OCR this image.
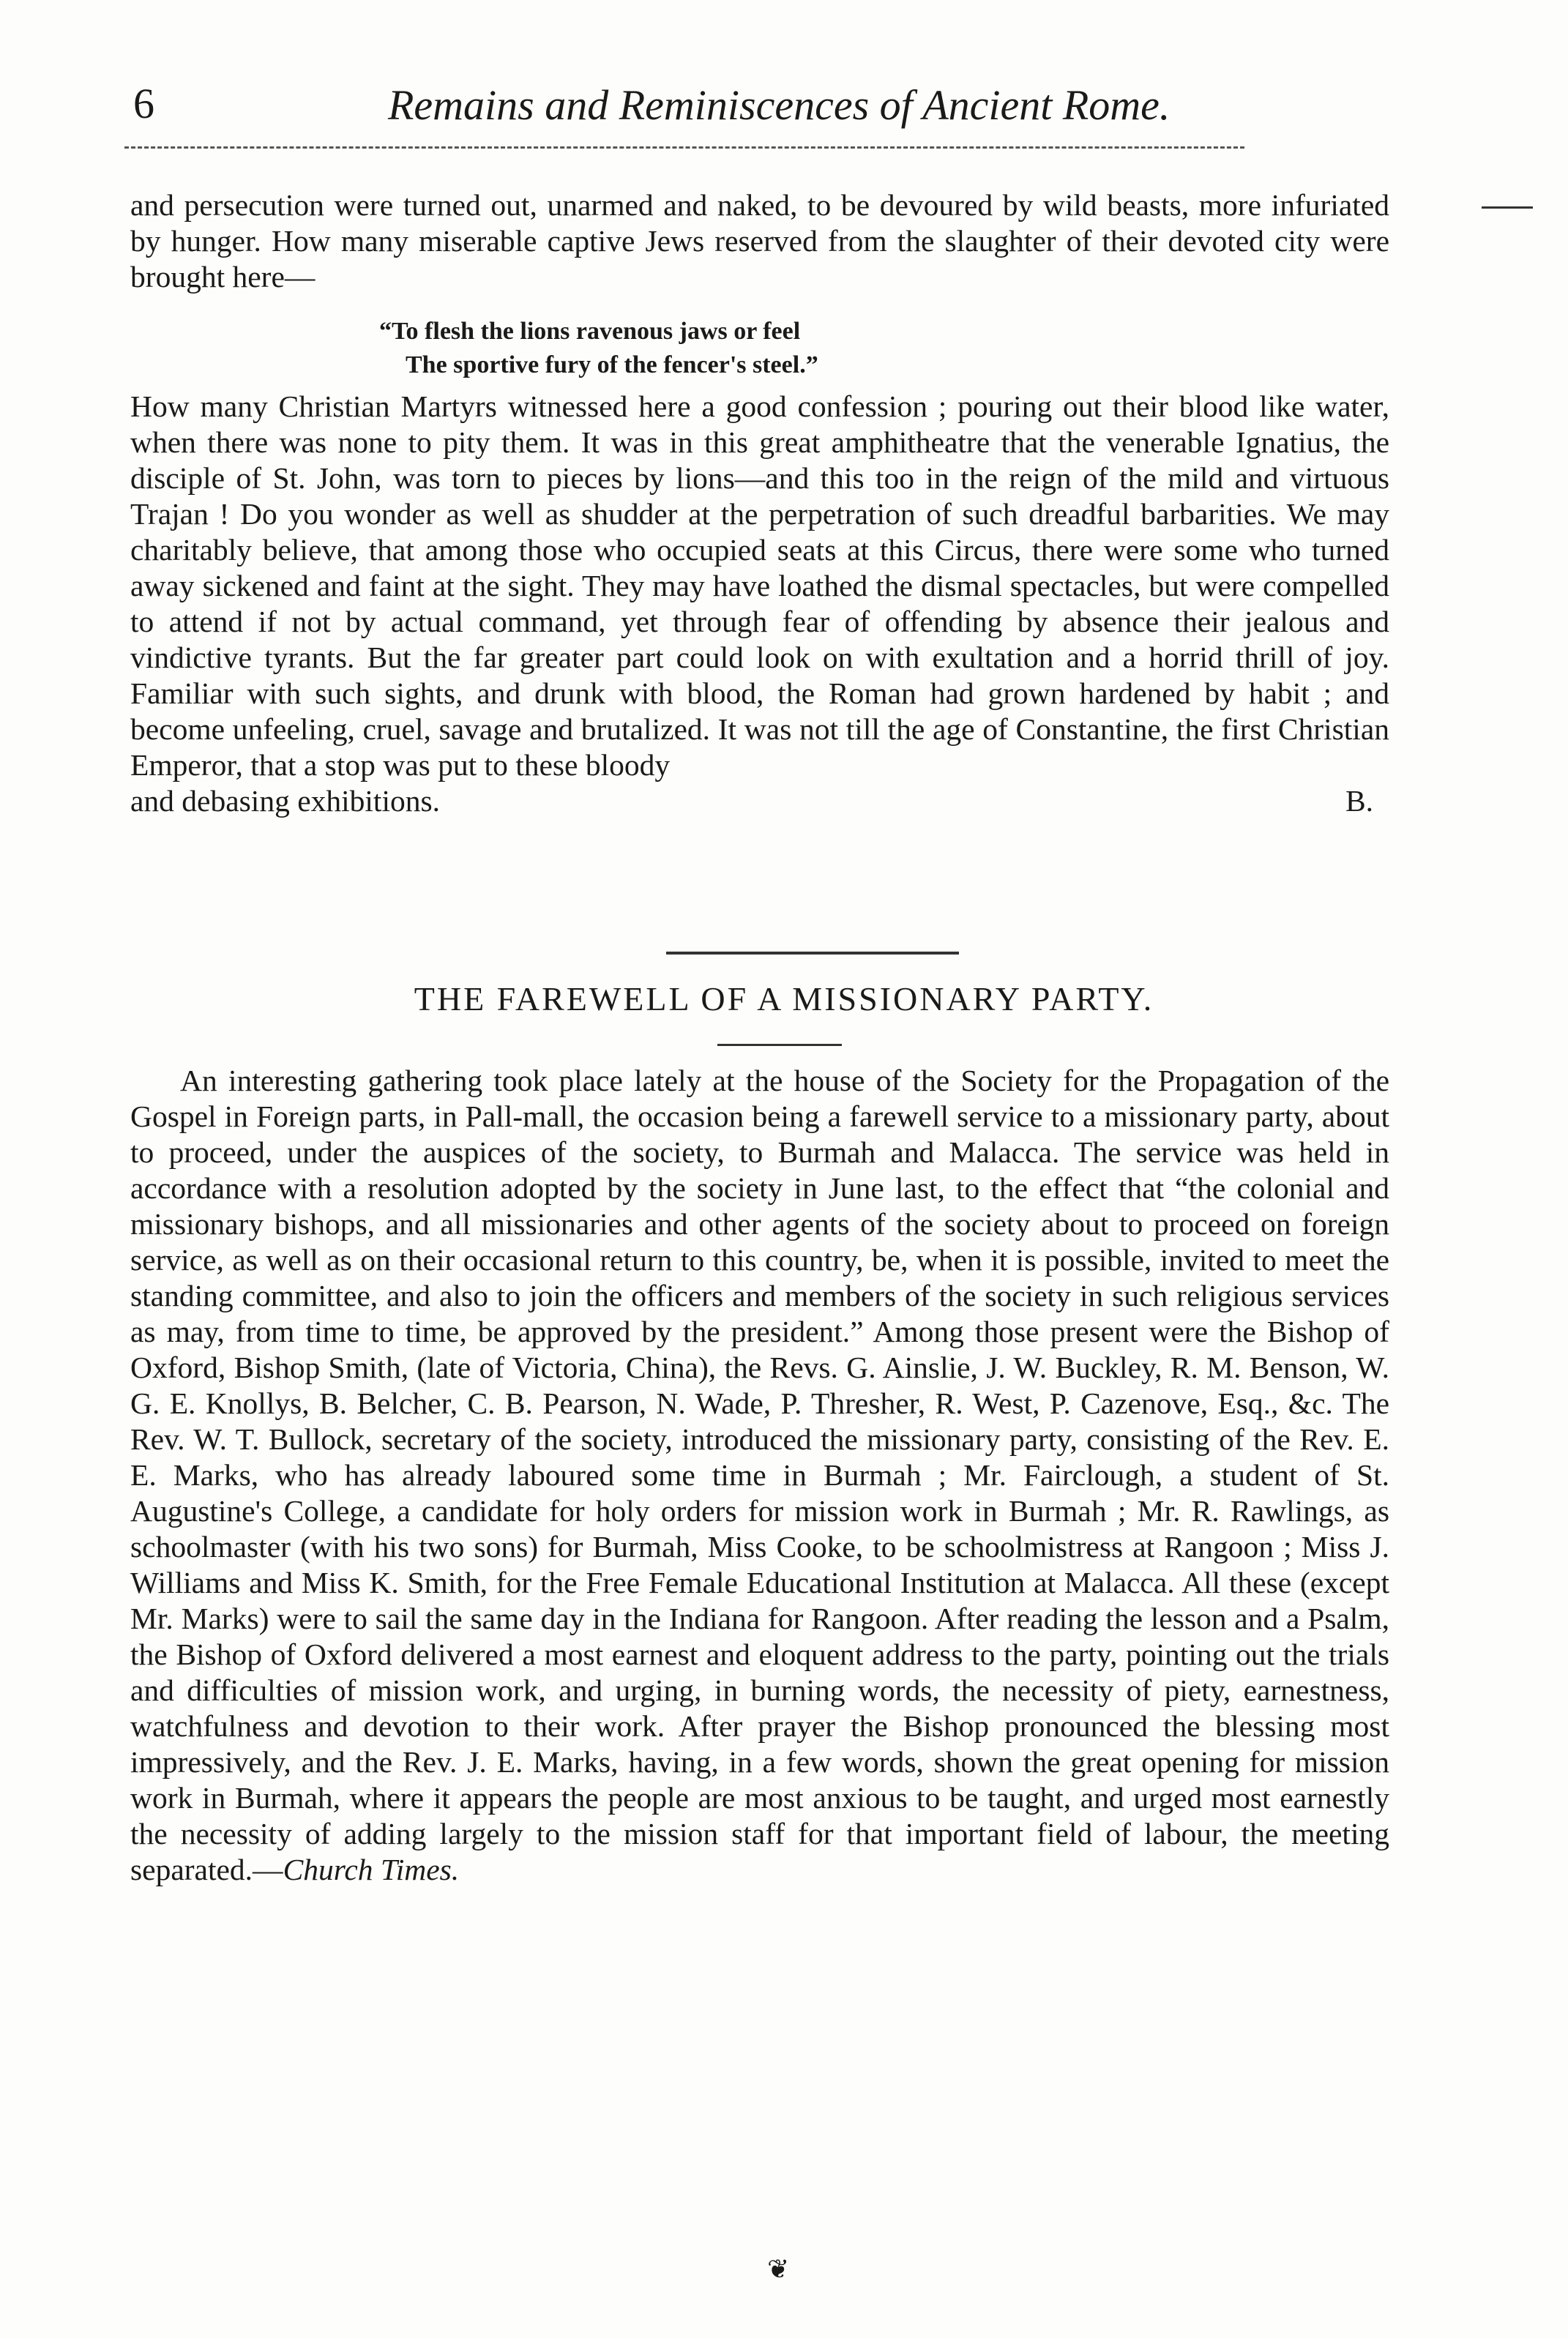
6	Remains and Reminiscences of Ancient Rome.

and persecution were turned out, unarmed and naked, to be devoured by wild beasts, more infuriated by hunger. How many miserable captive Jews reserved from the slaughter of their devoted city were brought here—

“To flesh the lions ravenous jaws or feel
The sportive fury of the fencer's steel.”

How many Christian Martyrs witnessed here a good confession ; pouring out their blood like water, when there was none to pity them. It was in this great amphitheatre that the venerable Ignatius, the disciple of St. John, was torn to pieces by lions—and this too in the reign of the mild and virtuous Trajan ! Do you wonder as well as shudder at the perpetration of such dreadful barbarities. We may charitably believe, that among those who occupied seats at this Circus, there were some who turned away sickened and faint at the sight. They may have loathed the dismal spectacles, but were compelled to attend if not by actual command, yet through fear of offending by absence their jealous and vindictive tyrants. But the far greater part could look on with exultation and a horrid thrill of joy. Familiar with such sights, and drunk with blood, the Roman had grown hardened by habit ; and become unfeeling, cruel, savage and brutalized. It was not till the age of Constantine, the first Christian Emperor, that a stop was put to these bloody

and debasing exhibitions.	B.
THE FAREWELL OF A MISSIONARY PARTY.

An interesting gathering took place lately at the house of the Society for the Propagation of the Gospel in Foreign parts, in Pall-mall, the occasion being a farewell service to a missionary party, about to proceed, under the auspices of the society, to Burmah and Malacca. The service was held in accordance with a resolution adopted by the society in June last, to the effect that “the colonial and missionary bishops, and all missionaries and other agents of the society about to proceed on foreign service, as well as on their occasional return to this country, be, when it is possible, invited to meet the standing committee, and also to join the officers and members of the society in such religious services as may, from time to time, be approved by the president.” Among those present were the Bishop of Oxford, Bishop Smith, (late of Victoria, China), the Revs. G. Ainslie, J. W. Buckley, R. M. Benson, W. G. E. Knollys, B. Belcher, C. B. Pearson, N. Wade, P. Thresher, R. West, P. Cazenove, Esq., &c. The Rev. W. T. Bullock, secretary of the society, introduced the missionary party, consisting of the Rev. E. E. Marks, who has already laboured some time in Burmah ; Mr. Fairclough, a student of St. Augustine's College, a candidate for holy orders for mission work in Burmah ; Mr. R. Rawlings, as schoolmaster (with his two sons) for Burmah, Miss Cooke, to be schoolmistress at Rangoon ; Miss J. Williams and Miss K. Smith, for the Free Female Educational Institution at Malacca. All these (except Mr. Marks) were to sail the same day in the Indiana for Rangoon. After reading the lesson and a Psalm, the Bishop of Oxford delivered a most earnest and eloquent address to the party, pointing out the trials and difficulties of mission work, and urging, in burning words, the necessity of piety, earnestness, watchfulness and devotion to their work. After prayer the Bishop pronounced the blessing most impressively, and the Rev. J. E. Marks, having, in a few words, shown the great opening for mission work in Burmah, where it appears the people are most anxious to be taught, and urged most earnestly the necessity of adding largely to the mission staff for that important field of labour, the meeting separated.—Church Times.

❦
